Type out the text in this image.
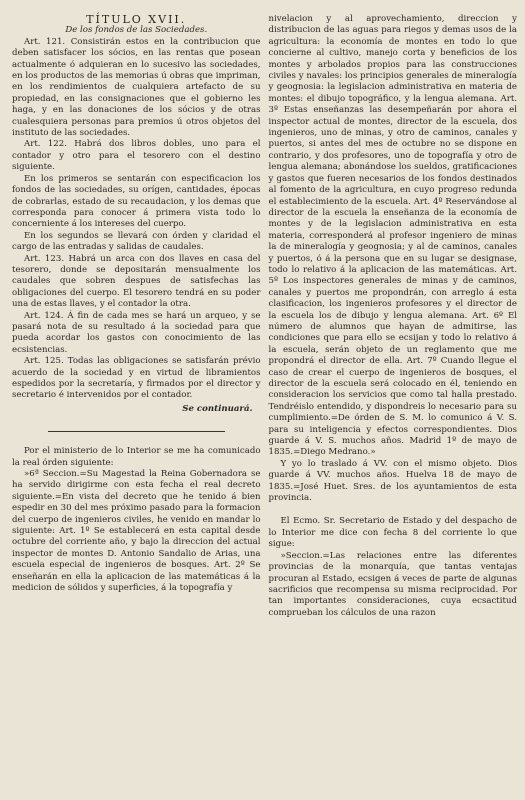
TÍTULO XVII.

De los fondos de las Sociedades.

Art. 121. Consistirán estos en la contribucion que deben satisfacer los sócios, en las rentas que posean actualmente ó adquieran en lo sucesivo las sociedades, en los productos de las memorias ú obras que impriman, en los rendimientos de cualquiera artefacto de su propiedad, en las consignaciones que el gobierno les haga, y en las donaciones de los sócios y de otras cualesquiera personas para premios ú otros objetos del instituto de las sociedades.

Art. 122. Habrá dos libros dobles, uno para el contador y otro para el tesorero con el destino siguiente.

En los primeros se sentarán con especificacion los fondos de las sociedades, su orígen, cantidades, épocas de cobrarlas, estado de su recaudacion, y los demas que corresponda para conocer á primera vista todo lo concerniente á los intereses del cuerpo.

En los segundos se llevará con órden y claridad el cargo de las entradas y salidas de caudales.

Art. 123. Habrá un arca con dos llaves en casa del tesorero, donde se depositarán mensualmente los caudales que sobren despues de satisfechas las obligaciones del cuerpo. El tesorero tendrá en su poder una de estas llaves, y el contador la otra.

Art. 124. Á fin de cada mes se hará un arqueo, y se pasará nota de su resultado á la sociedad para que pueda acordar los gastos con conocimiento de las ecsistencias.

Art. 125. Todas las obligaciones se satisfarán prévio acuerdo de la sociedad y en virtud de libramientos espedidos por la secretaría, y firmados por el director y secretario é intervenidos por el contador.

Se continuará.

Por el ministerio de lo Interior se me ha comunicado la real órden siguiente:

»6ª Seccion.=Su Magestad la Reina Gobernadora se ha servido dirigirme con esta fecha el real decreto siguiente.=En vista del decreto que he tenido á bien espedir en 30 del mes próximo pasado para la formacion del cuerpo de ingenieros civiles, he venido en mandar lo siguiente: Art. 1º Se establecerá en esta capital desde octubre del corriente año, y bajo la direccion del actual inspector de montes D. Antonio Sandalio de Arias, una escuela especial de ingenieros de bosques. Art. 2º Se enseñarán en ella la aplicacion de las matemáticas á la medicion de sólidos y superficies, á la topografía y

nivelacion y al aprovechamiento, direccion y distribucion de las aguas para riegos y demas usos de la agricultura: la economía de montes en todo lo que concierne al cultivo, manejo corta y beneficios de los montes y arbolados propios para las construcciones civiles y navales: los principios generales de mineralogía y geognosia: la legislacion administrativa en materia de montes: el dibujo topográfico, y la lengua alemana. Art. 3º Estas enseñanzas las desempeñarán por ahora el inspector actual de montes, director de la escuela, dos ingenieros, uno de minas, y otro de caminos, canales y puertos, si antes del mes de octubre no se dispone en contrario, y dos profesores, uno de topografía y otro de lengua alemana; abonándose los sueldos, gratificaciones y gastos que fueren necesarios de los fondos destinados al fomento de la agricultura, en cuyo progreso redunda el establecimiento de la escuela. Art. 4º Reservándose al director de la escuela la enseñanza de la economía de montes y de la legislacion administrativa en esta materia, corresponderá al profesor ingeniero de minas la de mineralogía y geognosia; y al de caminos, canales y puertos, ó á la persona que en su lugar se designase, todo lo relativo á la aplicacion de las matemáticas. Art. 5º Los inspectores generales de minas y de caminos, canales y puertos me propondrán, con arreglo á esta clasificacion, los ingenieros profesores y el director de la escuela los de dibujo y lengua alemana. Art. 6º El número de alumnos que hayan de admitirse, las condiciones que para ello se ecsijan y todo lo relativo á la escuela, serán objeto de un reglamento que me propondrá el director de ella. Art. 7º Cuando llegue el caso de crear el cuerpo de ingenieros de bosques, el director de la escuela será colocado en él, teniendo en consideracion los servicios que como tal halla prestado. Tendréislo entendido, y dispondreis lo necesario para su cumplimiento.=De órden de S. M. lo comunico á V. S. para su inteligencia y efectos correspondientes. Dios guarde á V. S. muchos años. Madrid 1º de mayo de 1835.=Diego Medrano.»

Y yo lo traslado á VV. con el mismo objeto. Dios guarde á VV. muchos años. Huelva 18 de mayo de 1835.=José Huet. Sres. de los ayuntamientos de esta provincia.

El Ecmo. Sr. Secretario de Estado y del despacho de lo Interior me dice con fecha 8 del corriente lo que sigue:

»Seccion.=Las relaciones entre las diferentes provincias de la monarquía, que tantas ventajas procuran al Estado, ecsigen á veces de parte de algunas sacrificios que recompensa su misma reciprocidad. Por tan importantes consideraciones, cuya ecsactitud comprueban los cálculos de una razon
